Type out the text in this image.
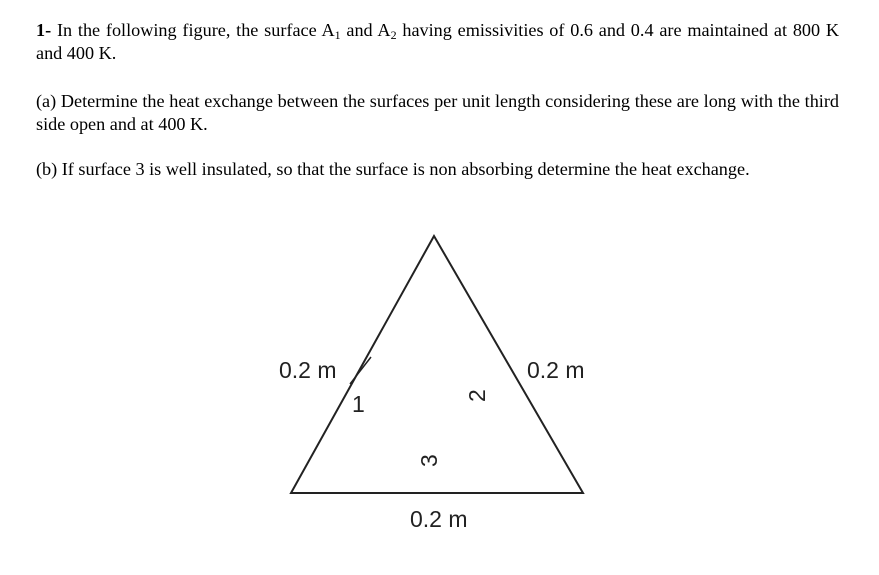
1- In the following figure, the surface $A_1$ and $A_2$ having emissivities of 0.6 and 0.4 are maintained at 800 K and 400 K.

(a) Determine the heat exchange between the surfaces per unit length considering these are long with the third side open and at 400 K.

(b) If surface 3 is well insulated, so that the surface is non absorbing determine the heat exchange.

0.2 m	0.2 m
0.2 m
1	2
3
